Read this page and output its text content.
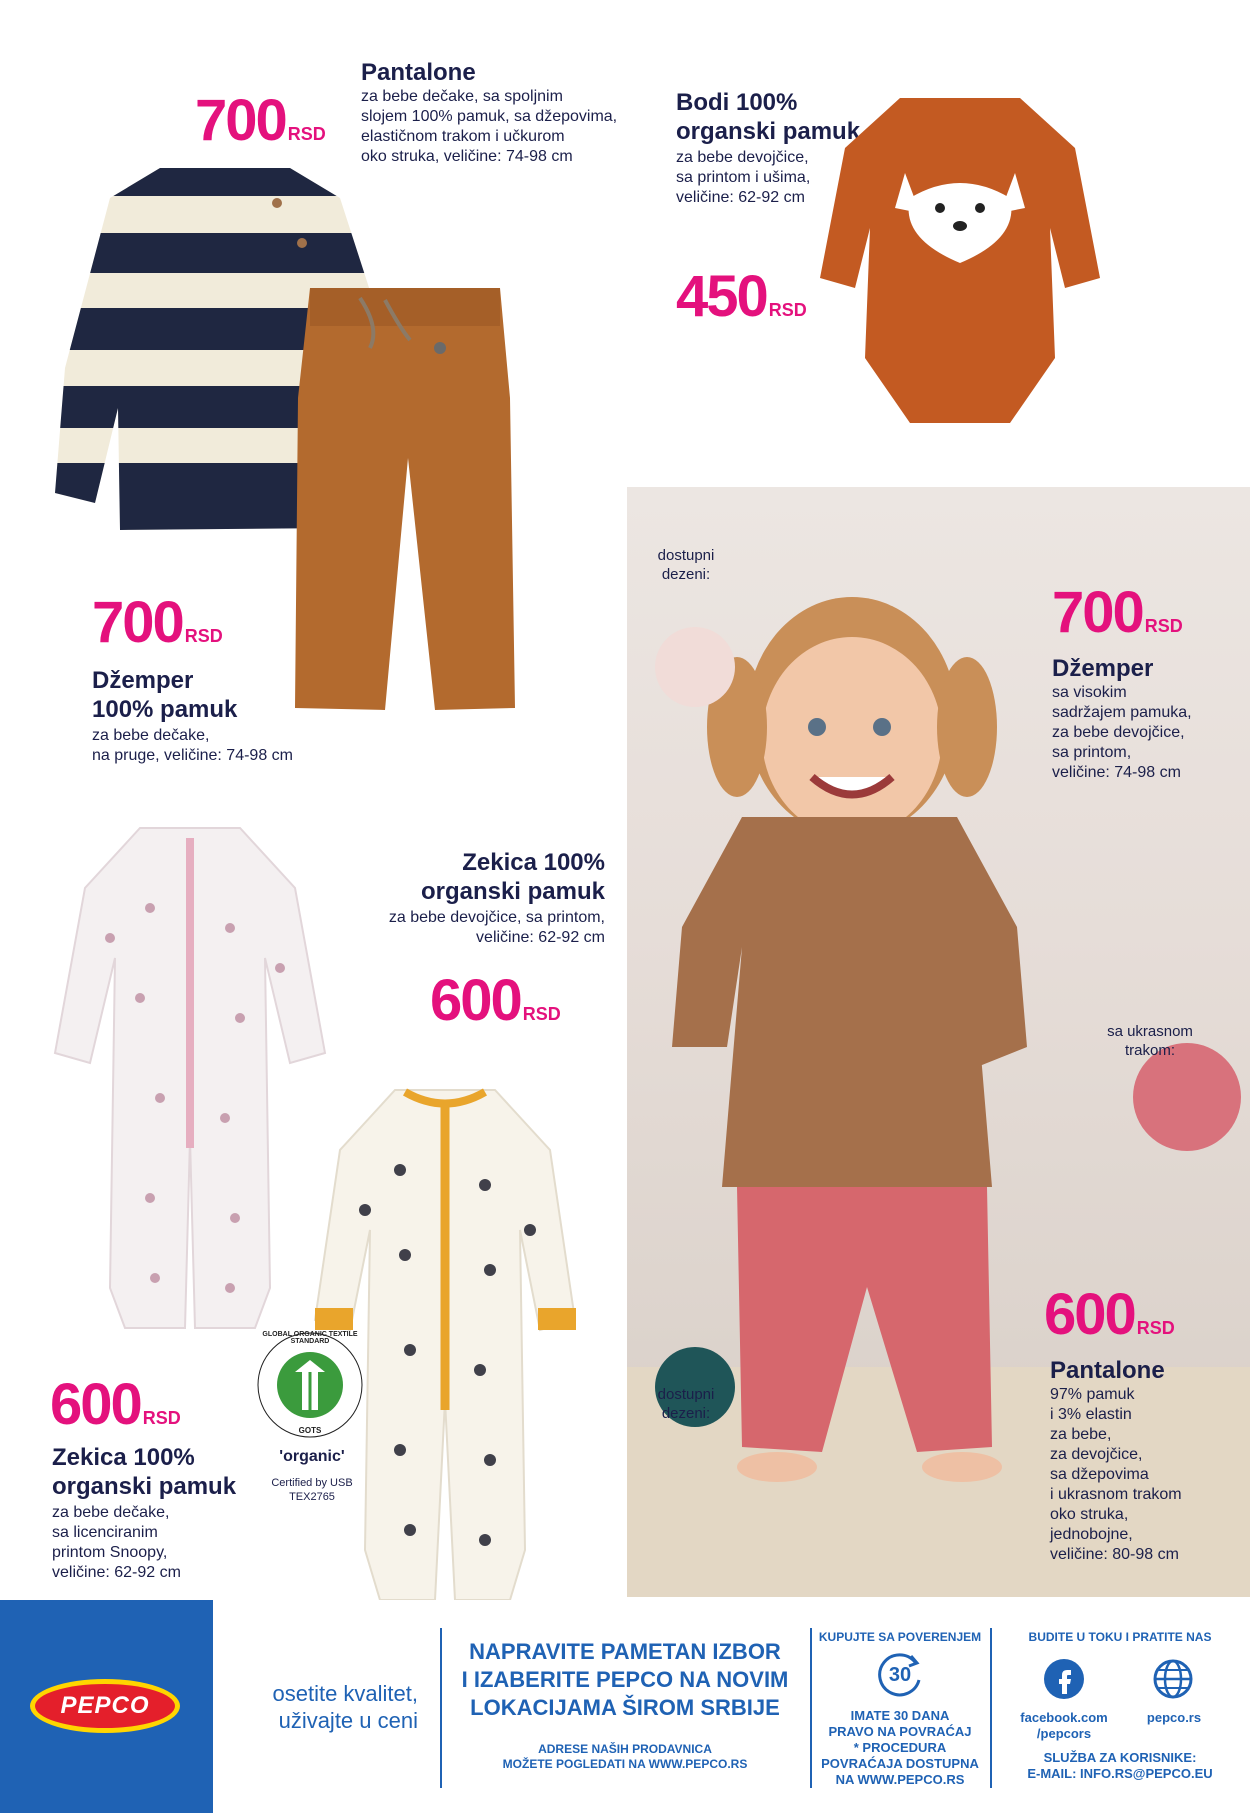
700 RSD
Pantalone
za bebe dečake, sa spoljnim
slojem 100% pamuk, sa džepovima,
elastičnom trakom i učkurom
oko struka, veličine: 74-98 cm
Bodi 100%
organski pamuk
za bebe devojčice,
sa printom i ušima,
veličine: 62-92 cm
450 RSD
700 RSD
Džemper
100% pamuk
za bebe dečake,
na pruge, veličine: 74-98 cm
dostupni
dezeni:
dostupni
dezeni:
sa ukrasnom
trakom:
700 RSD
Džemper
sa visokim
sadržajem pamuka,
za bebe devojčice,
sa printom,
veličine: 74-98 cm
600 RSD
Pantalone
97% pamuk
i 3% elastin
za bebe,
za devojčice,
sa džepovima
i ukrasnom trakom
oko struka,
jednobojne,
veličine: 80-98 cm
Zekica 100%
organski pamuk
za bebe devojčice, sa printom,
veličine: 62-92 cm
600 RSD
GLOBAL ORGANIC TEXTILE STANDARD
GOTS
'organic'
Certified by USB
TEX2765
600 RSD
Zekica 100%
organski pamuk
za bebe dečake,
sa licenciranim
printom Snoopy,
veličine: 62-92 cm
PEPCO	osetite kvalitet,
uživajte u ceni
NAPRAVITE PAMETAN IZBOR
I IZABERITE PEPCO NA NOVIM
LOKACIJAMA ŠIROM SRBIJE
ADRESE NAŠIH PRODAVNICA
MOŽETE POGLEDATI NA WWW.PEPCO.RS
KUPUJTE SA POVERENJEM
30
IMATE 30 DANA
PRAVO NA POVRAĆAJ
* PROCEDURA
POVRAĆAJA DOSTUPNA
NA WWW.PEPCO.RS
BUDITE U TOKU I PRATITE NAS
facebook.com
/pepcors
pepco.rs
SLUŽBA ZA KORISNIKE:
E-MAIL: INFO.RS@PEPCO.EU
